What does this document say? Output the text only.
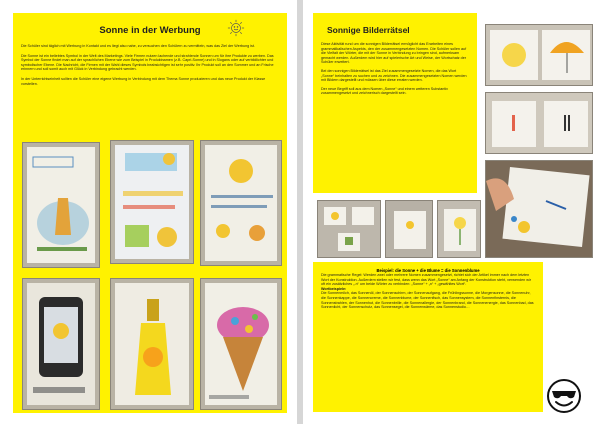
Sonne in der Werbung

Die Schüler sind täglich mit Werbung in Kontakt und es liegt also nahe, zu versuchen den Schülern zu vermitteln, was das Ziel der Werbung ist.

Die Sonne ist ein beliebtes Symbol in der Welt des Marketings. Viele Firmen nutzen lachende und strahlende Sonnen um für ihre Produkte zu werben. Das Symbol der Sonne findet man auf der sprachlichen Ebene wie zum Beispiel in Produktnamen (z.B. Capri-Sonne) und in Slogans oder auf verbildlichter und symbolischer Ebene. Die Nachricht, die Firmen mit der Wahl dieses Symbols beabsichtigen ist sehr positiv. Ihr Produkt soll an den Sommer und an Frische erinnern und soll somit auch mit Glück in Verbindung gebracht werden.

In der Unterrichtseinheit sollten die Schüler eine eigene Werbung in Verbindung mit dem Thema Sonne produzieren und das neue Produkt der Klasse vorstellen.

Sonnige Bilderrätsel

Diese Aktivität rund um die sonnigen Bilderrätsel ermöglicht das Erarbeiten eines grammatikalischen Aspekts, den der zusammengesetzten Nomen. Die Schüler sollen auf die Vielfalt der Wörter, die mit der Sonne in Verbindung zu bringen sind, aufmerksam gemacht werden. Außerdem wird hier auf spielerische Art und Weise, der Wortschatz der Schüler erweitert.

Bei den sonnigen Bilderrätsel ist das Ziel zusammengesetzte Nomen, die das Wort „Sonne“ beinhalten zu suchen und zu zeichnen. Die zusammengesetzten Nomen werden mit Bildern dargestellt und müssen über diese erraten werden.

Der neue Begriff soll aus dem Nomen „Sonne“ und einem weiteren Substantiv zusammengesetzt und zeichnerisch dargestellt sein.

Beispiel: die Sonne + die Blume = die Sonnenblume

Die grammatische Regel: Werden zwei oder mehrere Nomen zusammengesetzt, richtet sich der Artikel immer nach dem letzten Wort der Konstruktion. Außerdem stellen wir fest, dass wenn das Wort „Sonne“ am Anfang der Konstruktion steht, verwenden wir oft ein zusätzliches „-n“ um beide Wörter zu verbinden: „Sonne“ + „n“ + „gewähltes Wort“.

Wortbeispiele:

Die Sonnenmilch, das Sonnenöl, der Sonnenschirm, der Sonnenaufgang, die Frühlingssonne, die Morgensonne, die Sonnenuhr, die Sonnenkappe, die Sonnencreme, die Sonnenblume, der Sonnenfisch, das Sonnensystem, die Sonnenfinsternis, die Sonnenstrahlen, der Sonnenhut, die Sonnenbrille, die Sonnenallergie, der Sonnenbrand, die Sonnenenergie, das Sonnenbad, das Sonnenlicht, der Sonnenschutz, das Sonnensegel, die Sonnenwärme, das Sonnenstudio…
